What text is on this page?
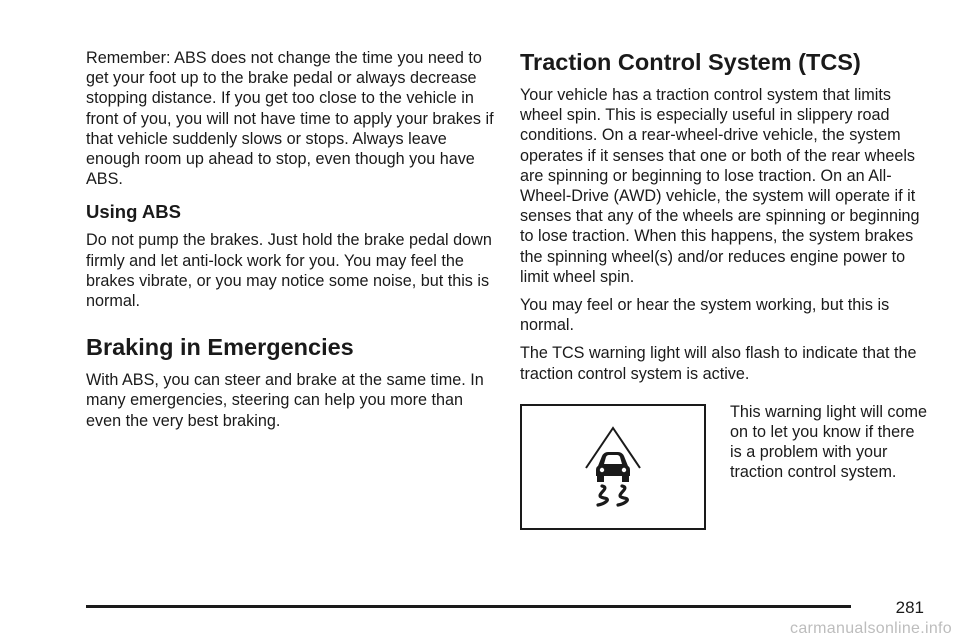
Remember: ABS does not change the time you need to get your foot up to the brake pedal or always decrease stopping distance. If you get too close to the vehicle in front of you, you will not have time to apply your brakes if that vehicle suddenly slows or stops. Always leave enough room up ahead to stop, even though you have ABS.

Using ABS

Do not pump the brakes. Just hold the brake pedal down firmly and let anti-lock work for you. You may feel the brakes vibrate, or you may notice some noise, but this is normal.

Braking in Emergencies

With ABS, you can steer and brake at the same time. In many emergencies, steering can help you more than even the very best braking.

Traction Control System (TCS)

Your vehicle has a traction control system that limits wheel spin. This is especially useful in slippery road conditions. On a rear-wheel-drive vehicle, the system operates if it senses that one or both of the rear wheels are spinning or beginning to lose traction. On an All-Wheel-Drive (AWD) vehicle, the system will operate if it senses that any of the wheels are spinning or beginning to lose traction. When this happens, the system brakes the spinning wheel(s) and/or reduces engine power to limit wheel spin.

You may feel or hear the system working, but this is normal.

The TCS warning light will also flash to indicate that the traction control system is active.

This warning light will come on to let you know if there is a problem with your traction control system.

281
carmanualsonline.info
